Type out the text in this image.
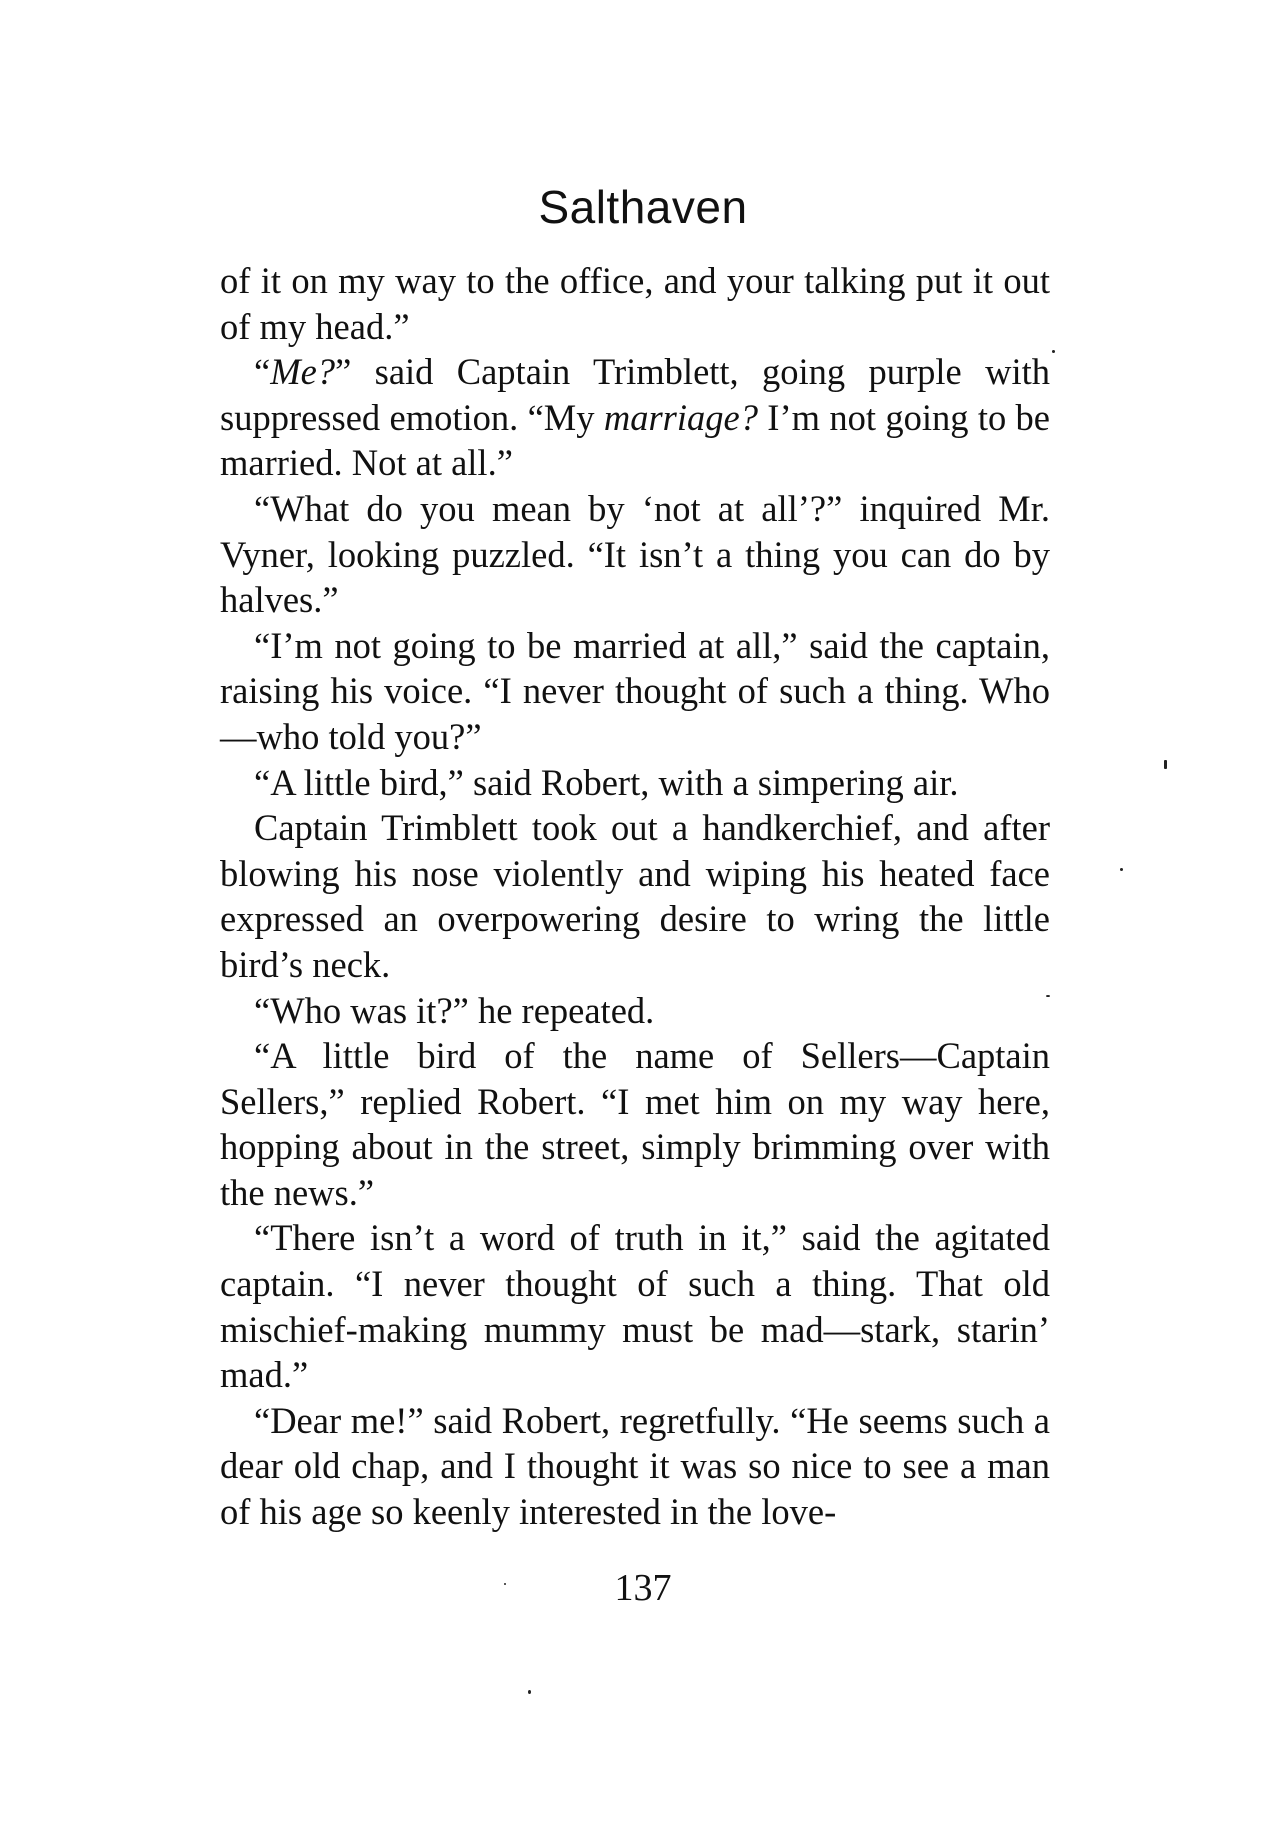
Salthaven

of it on my way to the office, and your talking put it out of my head.”

“Me?” said Captain Trimblett, going purple with suppressed emotion. “My marriage? I’m not going to be married. Not at all.”

“What do you mean by ‘not at all’?” inquired Mr. Vyner, looking puzzled. “It isn’t a thing you can do by halves.”

“I’m not going to be married at all,” said the captain, raising his voice. “I never thought of such a thing. Who—who told you?”

“A little bird,” said Robert, with a simpering air.

Captain Trimblett took out a handkerchief, and after blowing his nose violently and wiping his heated face expressed an overpowering desire to wring the little bird’s neck.

“Who was it?” he repeated.

“A little bird of the name of Sellers—Captain Sellers,” replied Robert. “I met him on my way here, hopping about in the street, simply brimming over with the news.”

“There isn’t a word of truth in it,” said the agitated captain. “I never thought of such a thing. That old mischief-making mummy must be mad—stark, starin’ mad.”

“Dear me!” said Robert, regretfully. “He seems such a dear old chap, and I thought it was so nice to see a man of his age so keenly interested in the love-

137
